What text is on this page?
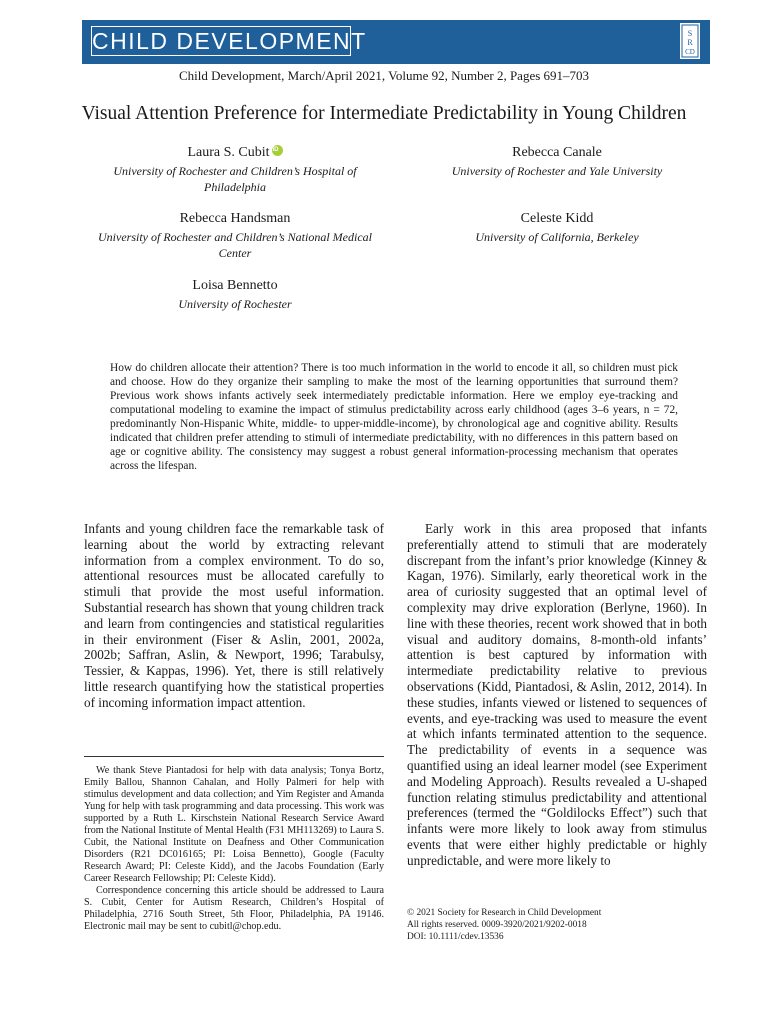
CHILD DEVELOPMENT	S
R
CD
Child Development, March/April 2021, Volume 92, Number 2, Pages 691–703
Visual Attention Preference for Intermediate Predictability in Young Children
Laura S. CubitiD
University of Rochester and Children’s Hospital of Philadelphia
Rebecca Canale
University of Rochester and Yale University
Rebecca Handsman
University of Rochester and Children’s National Medical Center
Celeste Kidd
University of California, Berkeley
Loisa Bennetto
University of Rochester
How do children allocate their attention? There is too much information in the world to encode it all, so children must pick and choose. How do they organize their sampling to make the most of the learning opportunities that surround them? Previous work shows infants actively seek intermediately predictable information. Here we employ eye-tracking and computational modeling to examine the impact of stimulus predictability across early childhood (ages 3–6 years, n = 72, predominantly Non-Hispanic White, middle- to upper-middle-income), by chronological age and cognitive ability. Results indicated that children prefer attending to stimuli of intermediate predictability, with no differences in this pattern based on age or cognitive ability. The consistency may suggest a robust general information-processing mechanism that operates across the lifespan.

Infants and young children face the remarkable task of learning about the world by extracting relevant information from a complex environment. To do so, attentional resources must be allocated carefully to stimuli that provide the most useful information. Substantial research has shown that young children track and learn from contingencies and statistical regularities in their environment (Fiser & Aslin, 2001, 2002a, 2002b; Saffran, Aslin, & Newport, 1996; Tarabulsy, Tessier, & Kappas, 1996). Yet, there is still relatively little research quantifying how the statistical properties of incoming information impact attention.

Early work in this area proposed that infants preferentially attend to stimuli that are moderately discrepant from the infant’s prior knowledge (Kinney & Kagan, 1976). Similarly, early theoretical work in the area of curiosity suggested that an optimal level of complexity may drive exploration (Berlyne, 1960). In line with these theories, recent work showed that in both visual and auditory domains, 8-month-old infants’ attention is best captured by information with intermediate predictability relative to previous observations (Kidd, Piantadosi, & Aslin, 2012, 2014). In these studies, infants viewed or listened to sequences of events, and eye-tracking was used to measure the event at which infants terminated attention to the sequence. The predictability of events in a sequence was quantified using an ideal learner model (see Experiment and Modeling Approach). Results revealed a U-shaped function relating stimulus predictability and attentional preferences (termed the “Goldilocks Effect”) such that infants were more likely to look away from stimulus events that were either highly predictable or highly unpredictable, and were more likely to

We thank Steve Piantadosi for help with data analysis; Tonya Bortz, Emily Ballou, Shannon Cahalan, and Holly Palmeri for help with stimulus development and data collection; and Yim Register and Amanda Yung for help with task programming and data processing. This work was supported by a Ruth L. Kirschstein National Research Service Award from the National Institute of Mental Health (F31 MH113269) to Laura S. Cubit, the National Institute on Deafness and Other Communication Disorders (R21 DC016165; PI: Loisa Bennetto), Google (Faculty Research Award; PI: Celeste Kidd), and the Jacobs Foundation (Early Career Research Fellowship; PI: Celeste Kidd).

Correspondence concerning this article should be addressed to Laura S. Cubit, Center for Autism Research, Children’s Hospital of Philadelphia, 2716 South Street, 5th Floor, Philadelphia, PA 19146. Electronic mail may be sent to cubitl@chop.edu.

© 2021 Society for Research in Child Development
All rights reserved. 0009-3920/2021/9202-0018
DOI: 10.1111/cdev.13536
